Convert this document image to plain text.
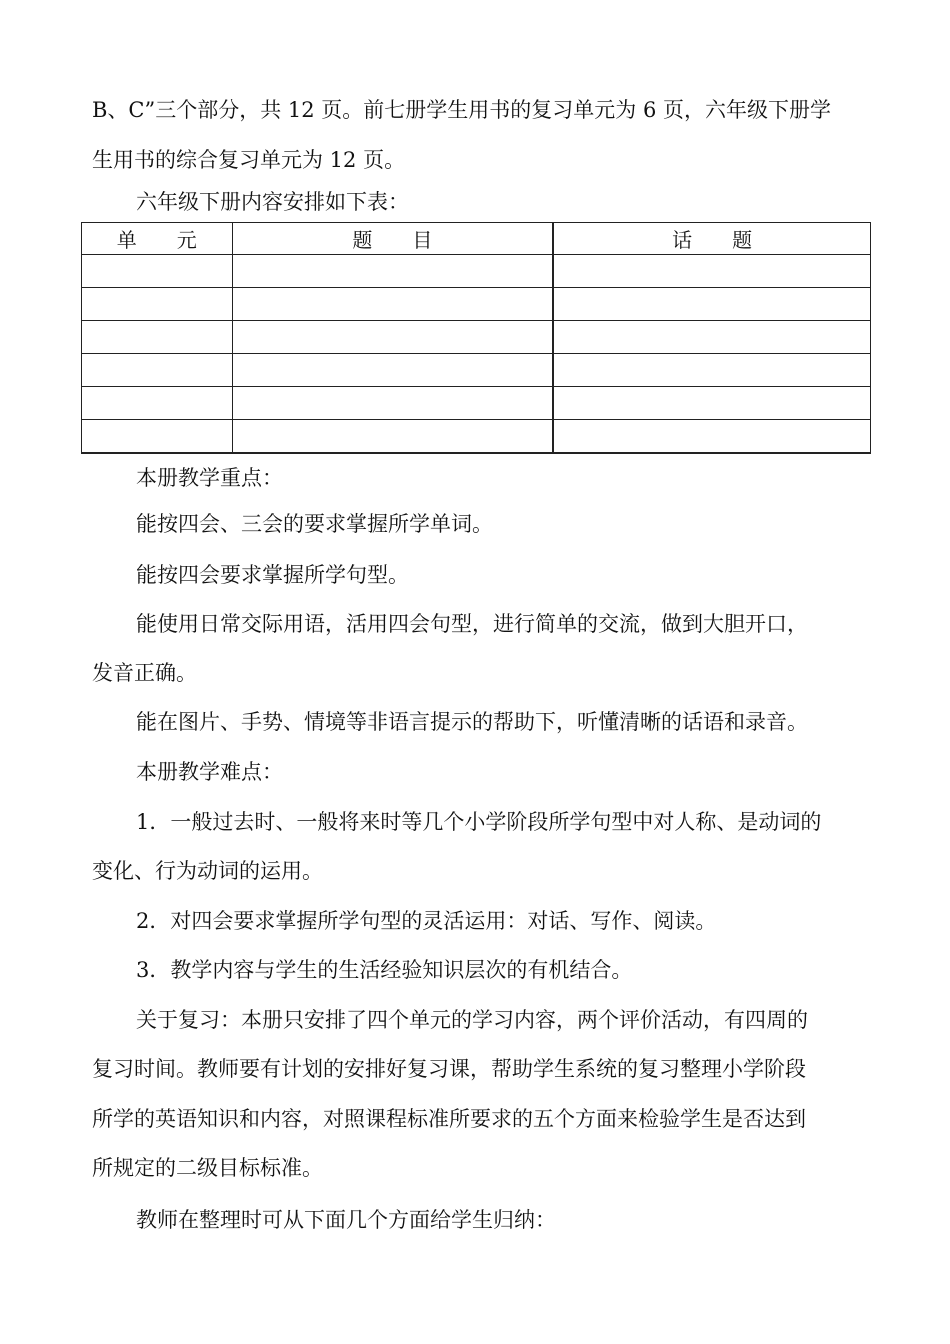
B、C”三个部分，共 12 页。前七册学生用书的复习单元为 6 页，六年级下册学
生用书的综合复习单元为 12 页。
六年级下册内容安排如下表：
单　　元	题　　目	话　　题

本册教学重点：
能按四会、三会的要求掌握所学单词。
能按四会要求掌握所学句型。
能使用日常交际用语，活用四会句型，进行简单的交流，做到大胆开口，
发音正确。
能在图片、手势、情境等非语言提示的帮助下，听懂清晰的话语和录音。
本册教学难点：
1．一般过去时、一般将来时等几个小学阶段所学句型中对人称、是动词的
变化、行为动词的运用。
2．对四会要求掌握所学句型的灵活运用：对话、写作、阅读。
3．教学内容与学生的生活经验知识层次的有机结合。
关于复习：本册只安排了四个单元的学习内容，两个评价活动，有四周的
复习时间。教师要有计划的安排好复习课，帮助学生系统的复习整理小学阶段
所学的英语知识和内容，对照课程标准所要求的五个方面来检验学生是否达到
所规定的二级目标标准。
教师在整理时可从下面几个方面给学生归纳：
